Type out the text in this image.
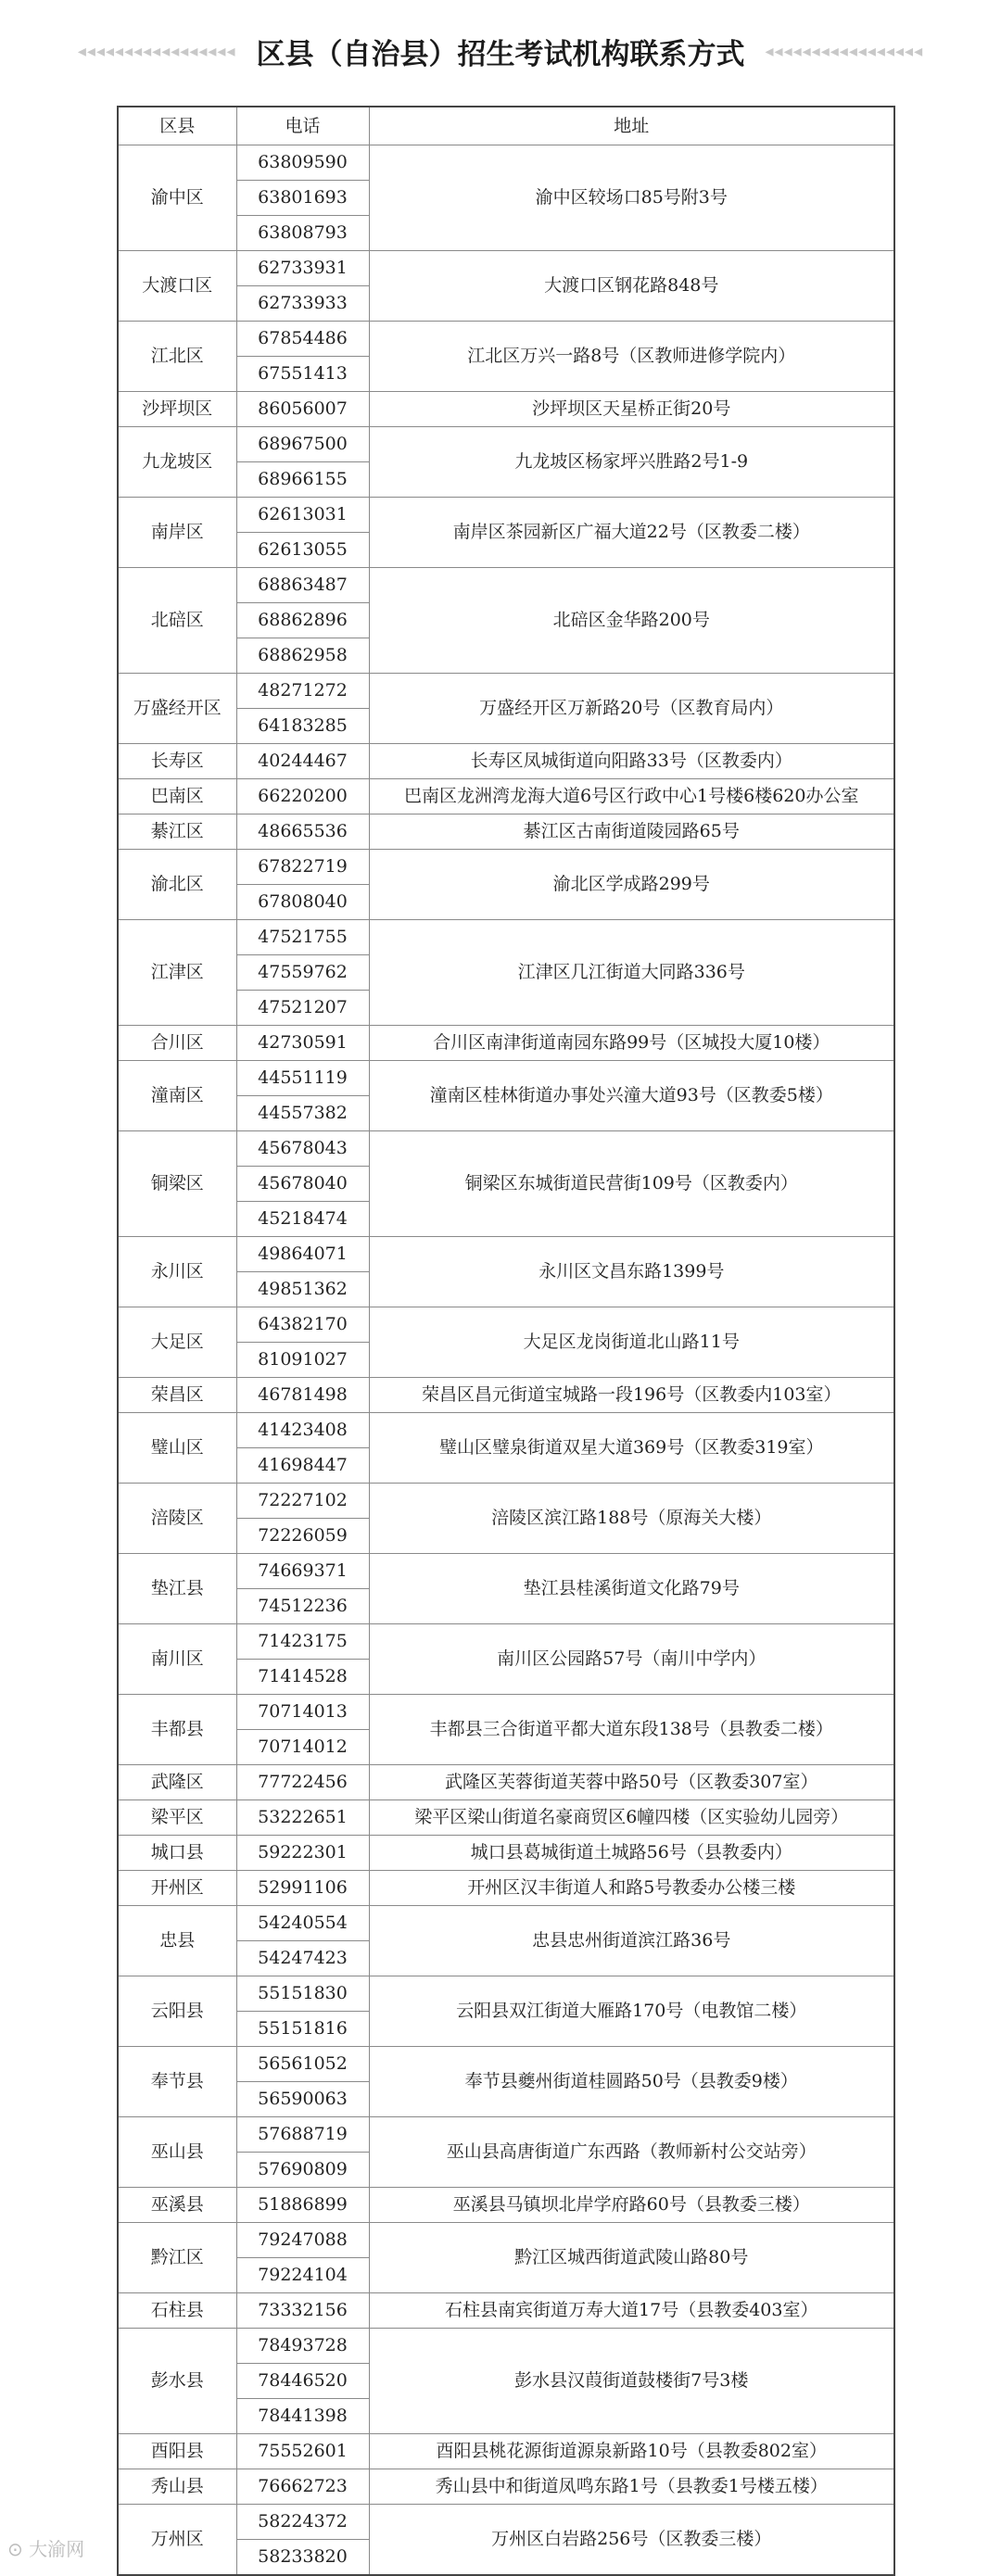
◂◂◂◂◂◂◂◂◂◂◂◂◂◂◂◂◂ 区县（自治县）招生考试机构联系方式 ◂◂◂◂◂◂◂◂◂◂◂◂◂◂◂◂◂
区县	电话	地址
渝中区	63809590	渝中区较场口85号附3号
	63801693	
	63808793	
大渡口区	62733931	大渡口区钢花路848号
	62733933	
江北区	67854486	江北区万兴一路8号（区教师进修学院内）
	67551413	
沙坪坝区	86056007	沙坪坝区天星桥正街20号
九龙坡区	68967500	九龙坡区杨家坪兴胜路2号1-9
	68966155	
南岸区	62613031	南岸区茶园新区广福大道22号（区教委二楼）
	62613055	
北碚区	68863487	北碚区金华路200号
	68862896	
	68862958	
万盛经开区	48271272	万盛经开区万新路20号（区教育局内）
	64183285	
长寿区	40244467	长寿区凤城街道向阳路33号（区教委内）
巴南区	66220200	巴南区龙洲湾龙海大道6号区行政中心1号楼6楼620办公室
綦江区	48665536	綦江区古南街道陵园路65号
渝北区	67822719	渝北区学成路299号
	67808040	
江津区	47521755	江津区几江街道大同路336号
	47559762	
	47521207	
合川区	42730591	合川区南津街道南园东路99号（区城投大厦10楼）
潼南区	44551119	潼南区桂林街道办事处兴潼大道93号（区教委5楼）
	44557382	
铜梁区	45678043	铜梁区东城街道民营街109号（区教委内）
	45678040	
	45218474	
永川区	49864071	永川区文昌东路1399号
	49851362	
大足区	64382170	大足区龙岗街道北山路11号
	81091027	
荣昌区	46781498	荣昌区昌元街道宝城路一段196号（区教委内103室）
璧山区	41423408	璧山区璧泉街道双星大道369号（区教委319室）
	41698447	
涪陵区	72227102	涪陵区滨江路188号（原海关大楼）
	72226059	
垫江县	74669371	垫江县桂溪街道文化路79号
	74512236	
南川区	71423175	南川区公园路57号（南川中学内）
	71414528	
丰都县	70714013	丰都县三合街道平都大道东段138号（县教委二楼）
	70714012	
武隆区	77722456	武隆区芙蓉街道芙蓉中路50号（区教委307室）
梁平区	53222651	梁平区梁山街道名豪商贸区6幢四楼（区实验幼儿园旁）
城口县	59222301	城口县葛城街道土城路56号（县教委内）
开州区	52991106	开州区汉丰街道人和路5号教委办公楼三楼
忠县	54240554	忠县忠州街道滨江路36号
	54247423	
云阳县	55151830	云阳县双江街道大雁路170号（电教馆二楼）
	55151816	
奉节县	56561052	奉节县夔州街道桂圆路50号（县教委9楼）
	56590063	
巫山县	57688719	巫山县高唐街道广东西路（教师新村公交站旁）
	57690809	
巫溪县	51886899	巫溪县马镇坝北岸学府路60号（县教委三楼）
黔江区	79247088	黔江区城西街道武陵山路80号
	79224104	
石柱县	73332156	石柱县南宾街道万寿大道17号（县教委403室）
彭水县	78493728	彭水县汉葭街道鼓楼街7号3楼
	78446520	
	78441398	
酉阳县	75552601	酉阳县桃花源街道源泉新路10号（县教委802室）
秀山县	76662723	秀山县中和街道凤鸣东路1号（县教委1号楼五楼）
万州区	58224372	万州区白岩路256号（区教委三楼）
	58233820	
⊙ 大渝网
